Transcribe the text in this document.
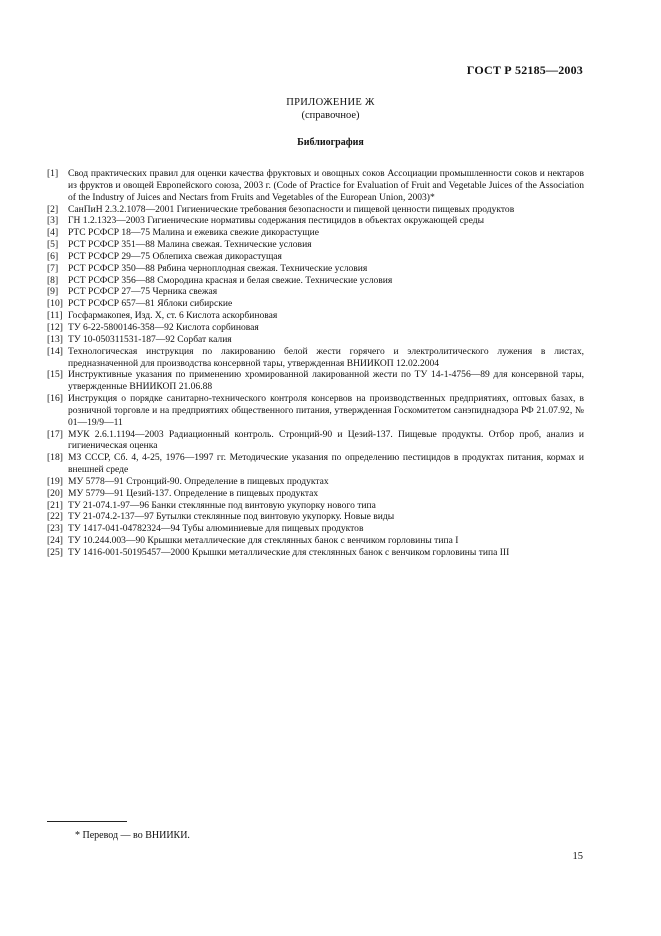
ГОСТ Р 52185—2003
ПРИЛОЖЕНИЕ Ж
(справочное)
Библиография
[1]	Свод практических правил для оценки качества фруктовых и овощных соков Ассоциации промышленности соков и нектаров из фруктов и овощей Европейского союза, 2003 г. (Code of Practice for Evaluation of Fruit and Vegetable Juices of the Association of the Industry of Juices and Nectars from Fruits and Vegetables of the European Union, 2003)*
[2]	СанПиН 2.3.2.1078—2001 Гигиенические требования безопасности и пищевой ценности пищевых продуктов
[3]	ГН 1.2.1323—2003 Гигиенические нормативы содержания пестицидов в объектах окружающей среды
[4]	РТС РСФСР 18—75 Малина и ежевика свежие дикорастущие
[5]	РСТ РСФСР 351—88 Малина свежая. Технические условия
[6]	РСТ РСФСР 29—75 Облепиха свежая дикорастущая
[7]	РСТ РСФСР 350—88 Рябина черноплодная свежая. Технические условия
[8]	РСТ РСФСР 356—88 Смородина красная и белая свежие. Технические условия
[9]	РСТ РСФСР 27—75 Черника свежая
[10] РСТ РСФСР 657—81 Яблоки сибирские
[11] Госфармакопея, Изд. X, ст. 6 Кислота аскорбиновая
[12] ТУ 6-22-5800146-358—92 Кислота сорбиновая
[13] ТУ 10-050311531-187—92 Сорбат калия
[14] Технологическая инструкция по лакированию белой жести горячего и электролитического лужения в листах, предназначенной для производства консервной тары, утвержденная ВНИИКОП 12.02.2004
[15] Инструктивные указания по применению хромированной лакированной жести по ТУ 14-1-4756—89 для консервной тары, утвержденные ВНИИКОП 21.06.88
[16] Инструкция о порядке санитарно-технического контроля консервов на производственных предприятиях, оптовых базах, в розничной торговле и на предприятиях общественного питания, утвержденная Госкомитетом санэпиднадзора РФ 21.07.92, № 01—19/9—11
[17] МУК 2.6.1.1194—2003 Радиационный контроль. Стронций-90 и Цезий-137. Пищевые продукты. Отбор проб, анализ и гигиеническая оценка
[18] МЗ СССР, Сб. 4, 4-25, 1976—1997 гг. Методические указания по определению пестицидов в продуктах питания, кормах и внешней среде
[19] МУ 5778—91 Стронций-90. Определение в пищевых продуктах
[20] МУ 5779—91 Цезий-137. Определение в пищевых продуктах
[21] ТУ 21-074.1-97—96 Банки стеклянные под винтовую укупорку нового типа
[22] ТУ 21-074.2-137—97 Бутылки стеклянные под винтовую укупорку. Новые виды
[23] ТУ 1417-041-04782324—94 Тубы алюминиевые для пищевых продуктов
[24] ТУ 10.244.003—90 Крышки металлические для стеклянных банок с венчиком горловины типа I
[25] ТУ 1416-001-50195457—2000 Крышки металлические для стеклянных банок с венчиком горловины типа III
* Перевод — во ВНИИКИ.
15
